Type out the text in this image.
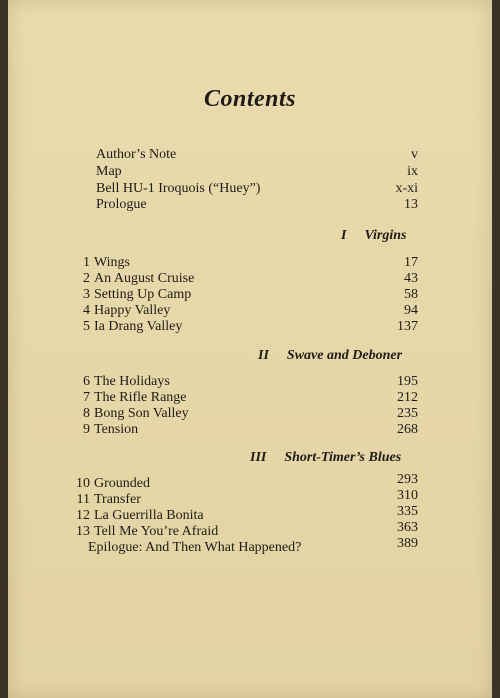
Contents
Author’s Note	v
Map	ix
Bell HU-1 Iroquois (“Huey”)	x-xi
Prologue	13
I Virgins
1 Wings	17
2 An August Cruise	43
3 Setting Up Camp	58
4 Happy Valley	94
5 Ia Drang Valley	137
II Swave and Deboner
6 The Holidays	195
7 The Rifle Range	212
8 Bong Son Valley	235
9 Tension	268
III Short-Timer’s Blues
10 Grounded	293
11 Transfer	310
12 La Guerrilla Bonita	335
13 Tell Me You’re Afraid	363
Epilogue: And Then What Happened?	389
